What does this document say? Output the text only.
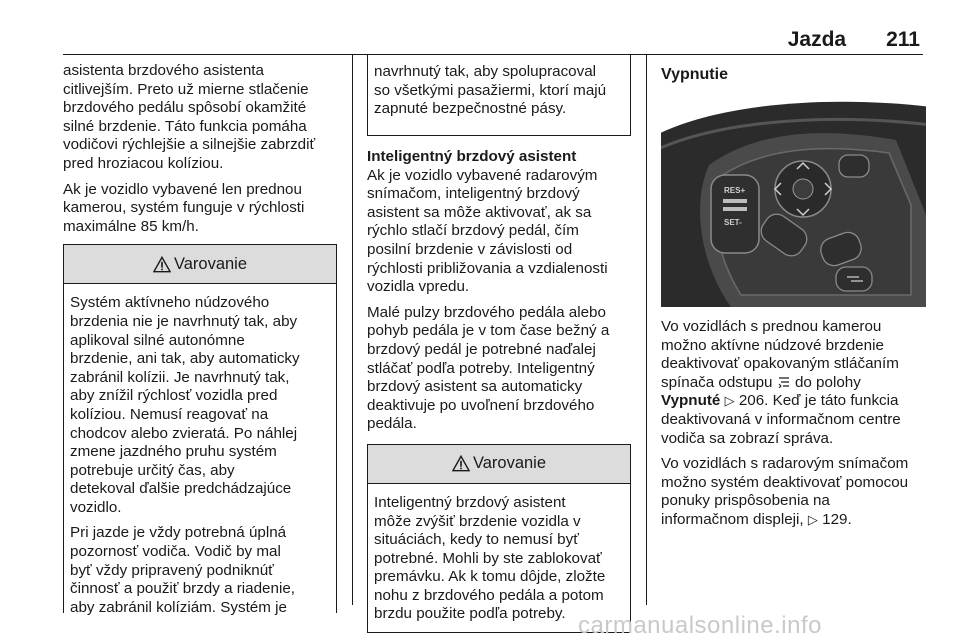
Jazda 211

asistenta brzdového asistenta
citlivejším. Preto už mierne stlačenie
brzdového pedálu spôsobí okamžité
silné brzdenie. Táto funkcia pomáha
vodičovi rýchlejšie a silnejšie zabrzdiť
pred hroziacou kolíziou.

Ak je vozidlo vybavené len prednou
kamerou, systém funguje v rýchlosti
maximálne 85 km/h.

Varovanie

Systém aktívneho núdzového
brzdenia nie je navrhnutý tak, aby
aplikoval silné autonómne
brzdenie, ani tak, aby automaticky
zabránil kolízii. Je navrhnutý tak,
aby znížil rýchlosť vozidla pred
kolíziou. Nemusí reagovať na
chodcov alebo zvieratá. Po náhlej
zmene jazdného pruhu systém
potrebuje určitý čas, aby
detekoval ďalšie predchádzajúce
vozidlo.

Pri jazde je vždy potrebná úplná
pozornosť vodiča. Vodič by mal
byť vždy pripravený podniknúť
činnosť a použiť brzdy a riadenie,
aby zabránil kolíziám. Systém je

navrhnutý tak, aby spolupracoval
so všetkými pasažiermi, ktorí majú
zapnuté bezpečnostné pásy.

Inteligentný brzdový asistent

Ak je vozidlo vybavené radarovým
snímačom, inteligentný brzdový
asistent sa môže aktivovať, ak sa
rýchlo stlačí brzdový pedál, čím
posilní brzdenie v závislosti od
rýchlosti približovania a vzdialenosti
vozidla vpredu.

Malé pulzy brzdového pedála alebo
pohyb pedála je v tom čase bežný a
brzdový pedál je potrebné naďalej
stláčať podľa potreby. Inteligentný
brzdový asistent sa automaticky
deaktivuje po uvoľnení brzdového
pedála.

Varovanie

Inteligentný brzdový asistent
môže zvýšiť brzdenie vozidla v
situáciách, kedy to nemusí byť
potrebné. Mohli by ste zablokovať
premávku. Ak k tomu dôjde, zložte
nohu z brzdového pedála a potom
brzdu použite podľa potreby.

Vypnutie

RES+
SET-

Vo vozidlách s prednou kamerou
možno aktívne núdzové brzdenie
deaktivovať opakovaným stláčaním
spínača odstupu do polohy
Vypnuté ▷ 206. Keď je táto funkcia
deaktivovaná v informačnom centre
vodiča sa zobrazí správa.

Vo vozidlách s radarovým snímačom
možno systém deaktivovať pomocou
ponuky prispôsobenia na
informačnom displeji, ▷ 129.

carmanualsonline.info
